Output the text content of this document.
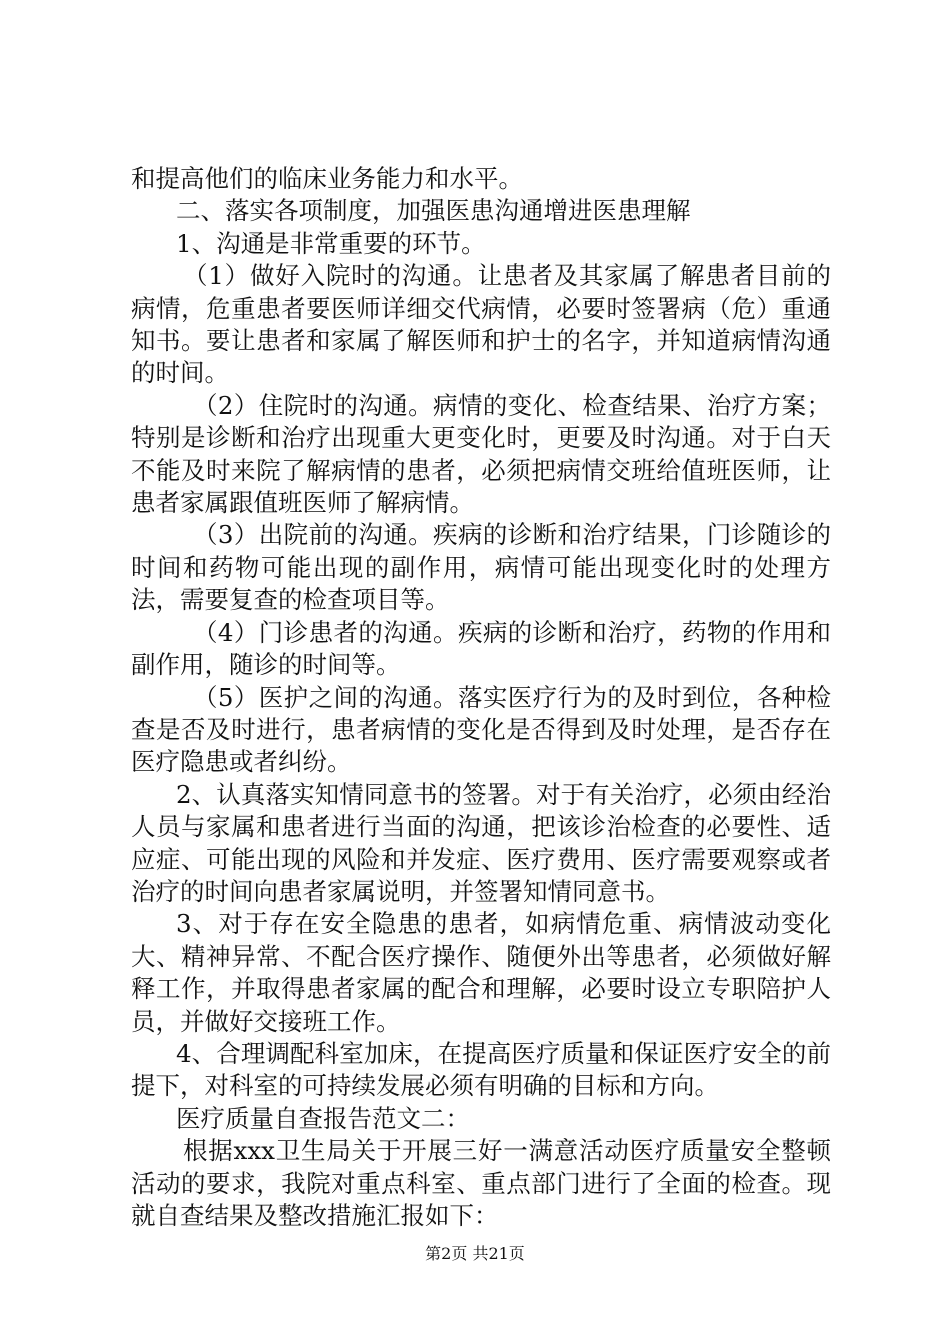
和提高他们的临床业务能力和水平。

二、落实各项制度，加强医患沟通增进医患理解

1、沟通是非常重要的环节。

（1）做好入院时的沟通。让患者及其家属了解患者目前的病情，危重患者要医师详细交代病情，必要时签署病（危）重通知书。要让患者和家属了解医师和护士的名字，并知道病情沟通的时间。

（2）住院时的沟通。病情的变化、检查结果、治疗方案；特别是诊断和治疗出现重大更变化时，更要及时沟通。对于白天不能及时来院了解病情的患者，必须把病情交班给值班医师，让患者家属跟值班医师了解病情。

（3）出院前的沟通。疾病的诊断和治疗结果，门诊随诊的时间和药物可能出现的副作用，病情可能出现变化时的处理方法，需要复查的检查项目等。

（4）门诊患者的沟通。疾病的诊断和治疗，药物的作用和副作用，随诊的时间等。

（5）医护之间的沟通。落实医疗行为的及时到位，各种检查是否及时进行，患者病情的变化是否得到及时处理，是否存在医疗隐患或者纠纷。

2、认真落实知情同意书的签署。对于有关治疗，必须由经治人员与家属和患者进行当面的沟通，把该诊治检查的必要性、适应症、可能出现的风险和并发症、医疗费用、医疗需要观察或者治疗的时间向患者家属说明，并签署知情同意书。

3、对于存在安全隐患的患者，如病情危重、病情波动变化大、精神异常、不配合医疗操作、随便外出等患者，必须做好解释工作，并取得患者家属的配合和理解，必要时设立专职陪护人员，并做好交接班工作。

4、合理调配科室加床，在提高医疗质量和保证医疗安全的前提下，对科室的可持续发展必须有明确的目标和方向。

医疗质量自查报告范文二：

根据xxx卫生局关于开展三好一满意活动医疗质量安全整顿活动的要求，我院对重点科室、重点部门进行了全面的检查。现就自查结果及整改措施汇报如下：

第2页 共21页
